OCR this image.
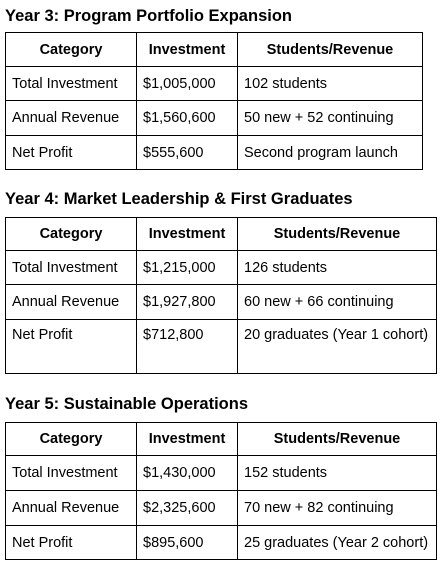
Year 3: Program Portfolio Expansion
Category	Investment	Students/Revenue
Total Investment	$1,005,000	102 students
Annual Revenue	$1,560,600	50 new + 52 continuing
Net Profit	$555,600	Second program launch
Year 4: Market Leadership & First Graduates
Category	Investment	Students/Revenue
Total Investment	$1,215,000	126 students
Annual Revenue	$1,927,800	60 new + 66 continuing
Net Profit	$712,800	20 graduates (Year 1 cohort)
Year 5: Sustainable Operations
Category	Investment	Students/Revenue
Total Investment	$1,430,000	152 students
Annual Revenue	$2,325,600	70 new + 82 continuing
Net Profit	$895,600	25 graduates (Year 2 cohort)
